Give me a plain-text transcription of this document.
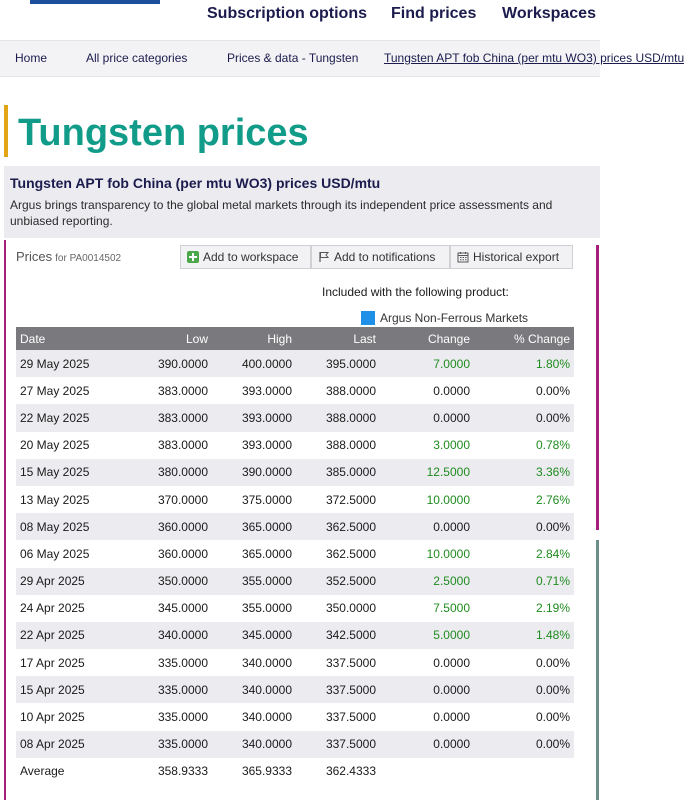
Subscription options Find prices Workspaces
Home	All price categories	Prices & data - Tungsten Tungsten APT fob China (per mtu WO3) prices USD/mtu
Tungsten prices
Tungsten APT fob China (per mtu WO3) prices USD/mtu
Argus brings transparency to the global metal markets through its independent price assessments and unbiased reporting.
Prices for PA0014502	Add to workspace	Add to notifications	Historical export
Included with the following product:
Argus Non-Ferrous Markets
Date	Low	High	Last	Change	% Change
29 May 2025	390.0000	400.0000	395.0000	7.0000	1.80%
27 May 2025	383.0000	393.0000	388.0000	0.0000	0.00%
22 May 2025	383.0000	393.0000	388.0000	0.0000	0.00%
20 May 2025	383.0000	393.0000	388.0000	3.0000	0.78%
15 May 2025	380.0000	390.0000	385.0000	12.5000	3.36%
13 May 2025	370.0000	375.0000	372.5000	10.0000	2.76%
08 May 2025	360.0000	365.0000	362.5000	0.0000	0.00%
06 May 2025	360.0000	365.0000	362.5000	10.0000	2.84%
29 Apr 2025	350.0000	355.0000	352.5000	2.5000	0.71%
24 Apr 2025	345.0000	355.0000	350.0000	7.5000	2.19%
22 Apr 2025	340.0000	345.0000	342.5000	5.0000	1.48%
17 Apr 2025	335.0000	340.0000	337.5000	0.0000	0.00%
15 Apr 2025	335.0000	340.0000	337.5000	0.0000	0.00%
10 Apr 2025	335.0000	340.0000	337.5000	0.0000	0.00%
08 Apr 2025	335.0000	340.0000	337.5000	0.0000	0.00%
Average	358.9333	365.9333	362.4333		
